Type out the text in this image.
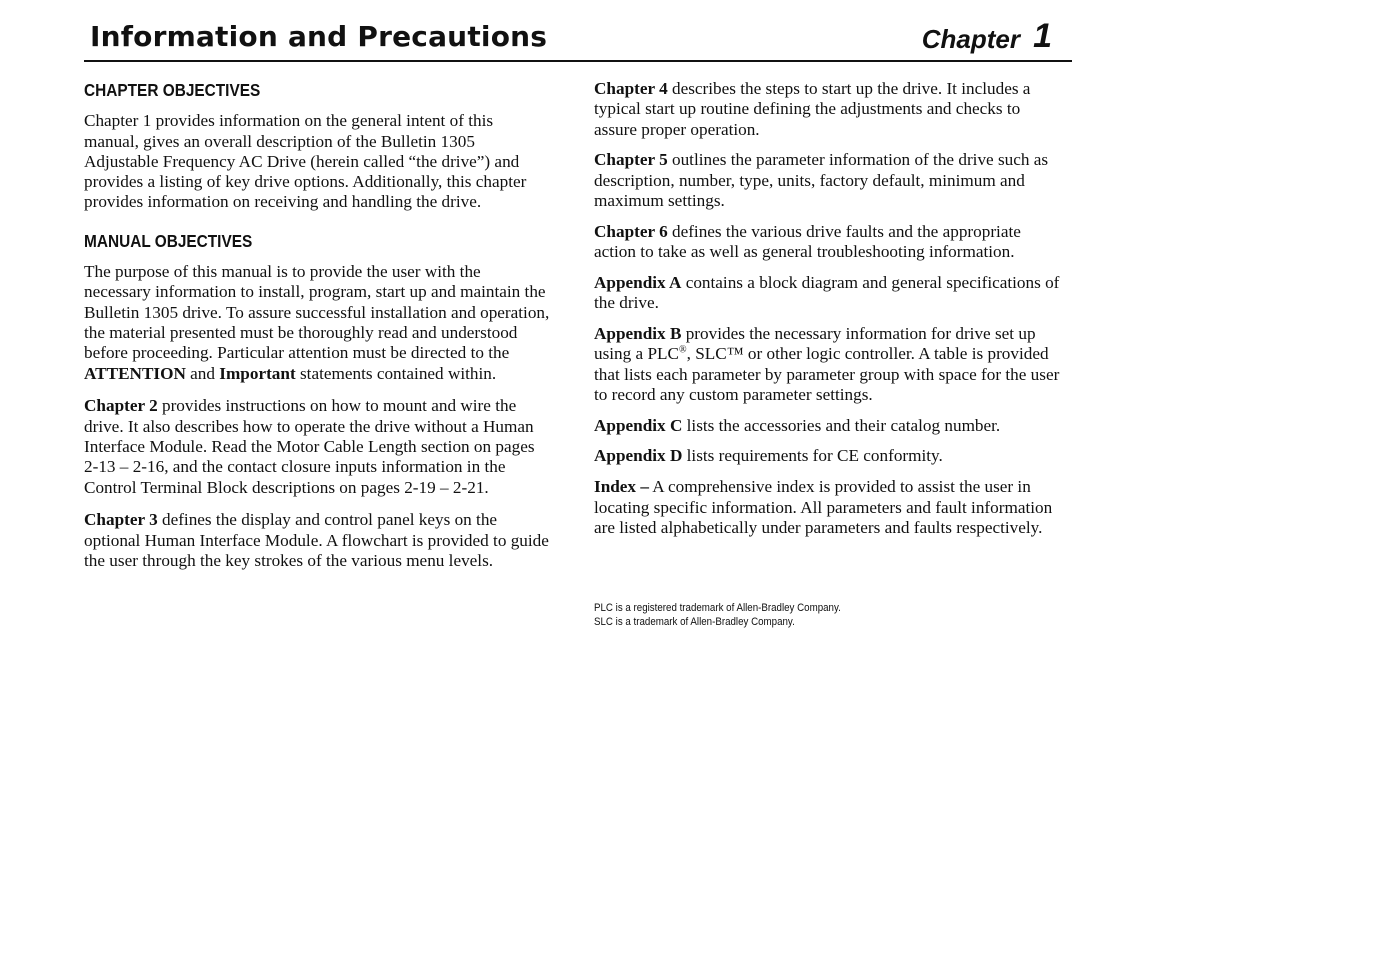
Information and Precautions	Chapter 1
CHAPTER OBJECTIVES

Chapter 1 provides information on the general intent of this manual, gives an overall description of the Bulletin 1305 Adjustable Frequency AC Drive (herein called “the drive”) and provides a listing of key drive options. Additionally, this chapter provides information on receiving and handling the drive.

MANUAL OBJECTIVES

The purpose of this manual is to provide the user with the necessary information to install, program, start up and maintain the Bulletin 1305 drive. To assure successful installation and operation, the material presented must be thoroughly read and understood before proceeding. Particular attention must be directed to the ATTENTION and Important statements contained within.

Chapter 2 provides instructions on how to mount and wire the drive. It also describes how to operate the drive without a Human Interface Module. Read the Motor Cable Length section on pages 2-13 – 2-16, and the contact closure inputs information in the Control Terminal Block descriptions on pages 2-19 – 2-21.

Chapter 3 defines the display and control panel keys on the optional Human Interface Module. A flowchart is provided to guide the user through the key strokes of the various menu levels.

Chapter 4 describes the steps to start up the drive. It includes a typical start up routine defining the adjustments and checks to assure proper operation.

Chapter 5 outlines the parameter information of the drive such as description, number, type, units, factory default, minimum and maximum settings.

Chapter 6 defines the various drive faults and the appropriate action to take as well as general troubleshooting information.

Appendix A contains a block diagram and general specifications of the drive.

Appendix B provides the necessary information for drive set up using a PLC®, SLC™ or other logic controller. A table is provided that lists each parameter by parameter group with space for the user to record any custom parameter settings.

Appendix C lists the accessories and their catalog number.

Appendix D lists requirements for CE conformity.

Index – A comprehensive index is provided to assist the user in locating specific information. All parameters and fault information are listed alphabetically under parameters and faults respectively.

PLC is a registered trademark of Allen-Bradley Company.
SLC is a trademark of Allen-Bradley Company.
